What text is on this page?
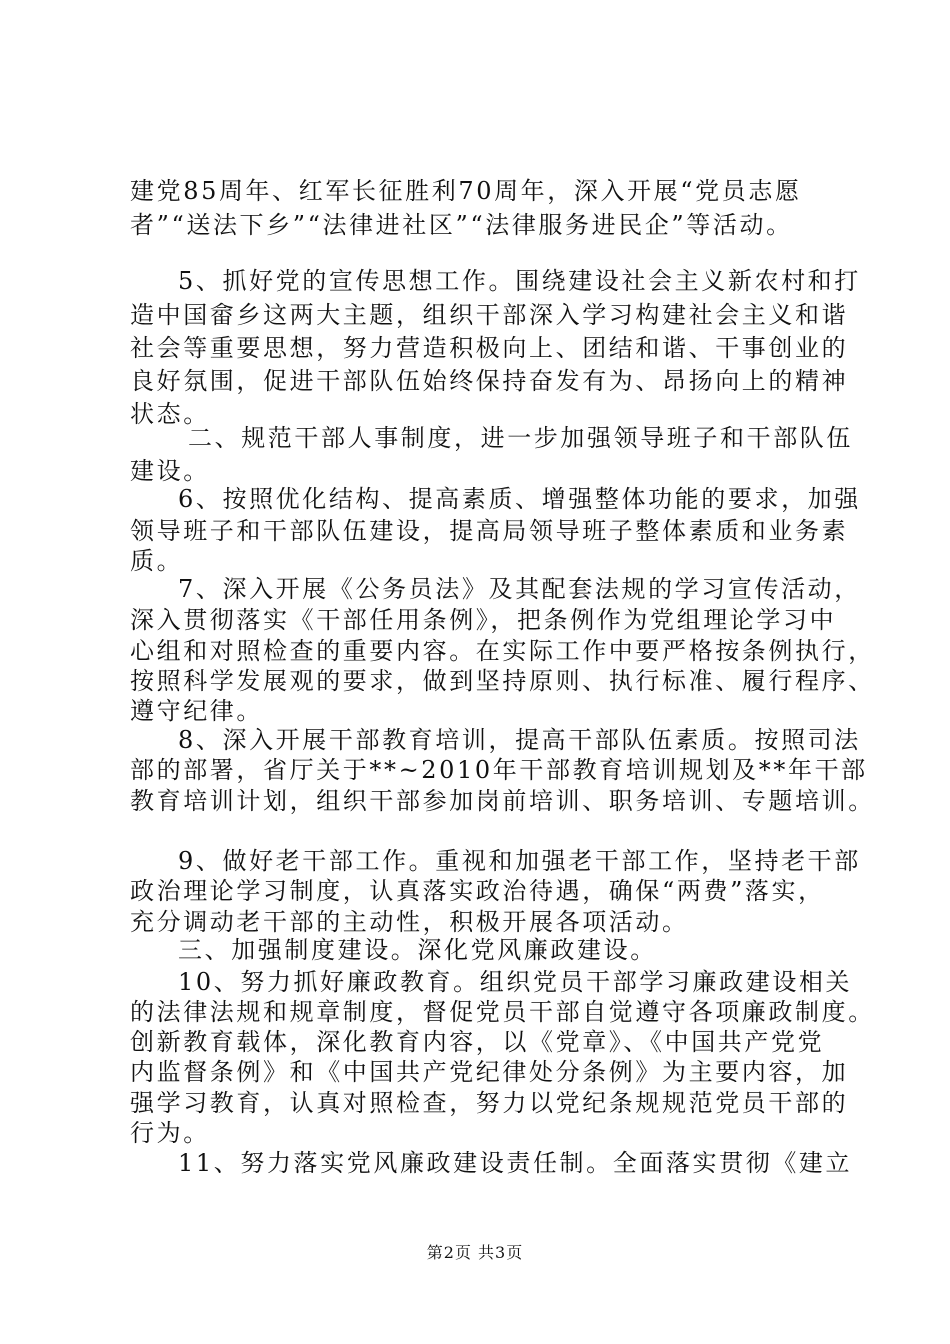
建党85周年、红军长征胜利70周年，深入开展“党员志愿
者”“送法下乡”“法律进社区”“法律服务进民企”等活动。
5、抓好党的宣传思想工作。围绕建设社会主义新农村和打
造中国畲乡这两大主题，组织干部深入学习构建社会主义和谐
社会等重要思想，努力营造积极向上、团结和谐、干事创业的
良好氛围，促进干部队伍始终保持奋发有为、昂扬向上的精神
状态。
二、规范干部人事制度，进一步加强领导班子和干部队伍
建设。
6、按照优化结构、提高素质、增强整体功能的要求，加强
领导班子和干部队伍建设，提高局领导班子整体素质和业务素
质。
7、深入开展《公务员法》及其配套法规的学习宣传活动，
深入贯彻落实《干部任用条例》，把条例作为党组理论学习中
心组和对照检查的重要内容。在实际工作中要严格按条例执行，
按照科学发展观的要求，做到坚持原则、执行标准、履行程序、
遵守纪律。
8、深入开展干部教育培训，提高干部队伍素质。按照司法
部的部署，省厅关于**~2010年干部教育培训规划及**年干部
教育培训计划，组织干部参加岗前培训、职务培训、专题培训。
9、做好老干部工作。重视和加强老干部工作，坚持老干部
政治理论学习制度，认真落实政治待遇，确保“两费”落实，
充分调动老干部的主动性，积极开展各项活动。
三、加强制度建设。深化党风廉政建设。
10、努力抓好廉政教育。组织党员干部学习廉政建设相关
的法律法规和规章制度，督促党员干部自觉遵守各项廉政制度。
创新教育载体，深化教育内容，以《党章》、《中国共产党党
内监督条例》和《中国共产党纪律处分条例》为主要内容，加
强学习教育，认真对照检查，努力以党纪条规规范党员干部的
行为。
11、努力落实党风廉政建设责任制。全面落实贯彻《建立
第2页 共3页
